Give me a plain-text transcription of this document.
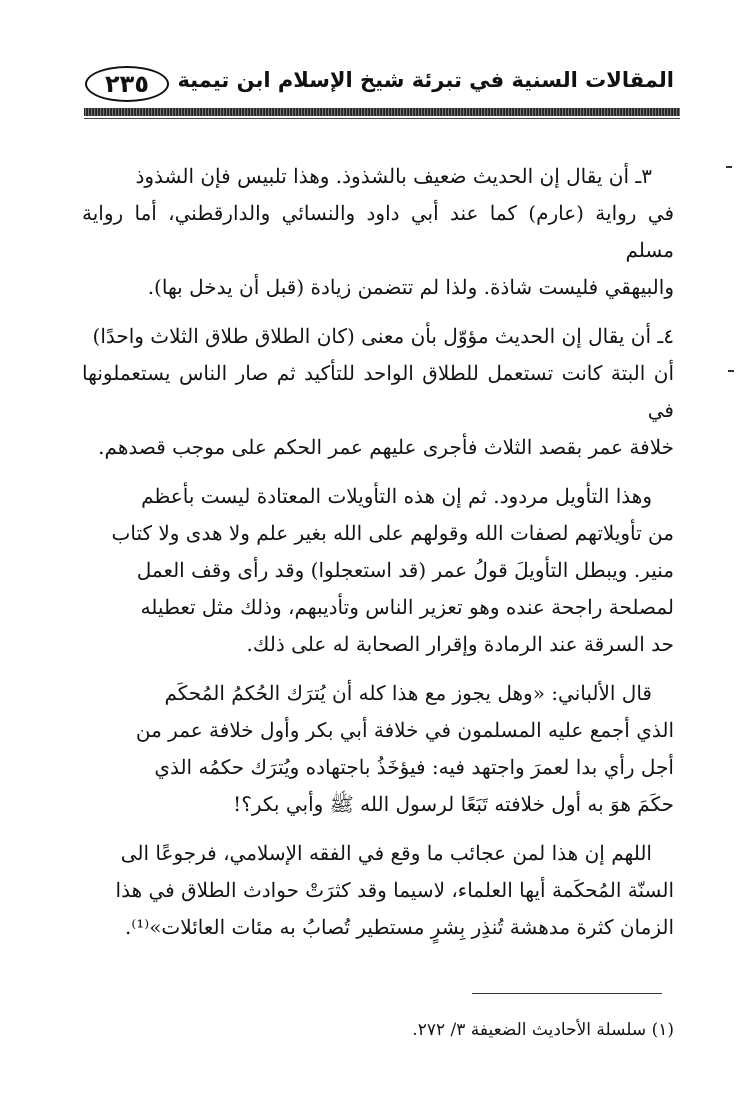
المقالات السنية في تبرئة شيخ الإسلام ابن تيمية
٢٣٥

٣ـ أن يقال إن الحديث ضعيف بالشذوذ. وهذا تلبيس فإن الشذوذ

في رواية (عارم) كما عند أبي داود والنسائي والدارقطني، أما رواية مسلم

والبيهقي فليست شاذة. ولذا لم تتضمن زيادة (قبل أن يدخل بها).

٤ـ أن يقال إن الحديث مؤوّل بأن معنى (كان الطلاق طلاق الثلاث واحدًا)

أن البتة كانت تستعمل للطلاق الواحد للتأكيد ثم صار الناس يستعملونها في

خلافة عمر بقصد الثلاث فأجرى عليهم عمر الحكم على موجب قصدهم.

وهذا التأويل مردود. ثم إن هذه التأويلات المعتادة ليست بأعظم

من تأويلاتهم لصفات الله وقولهم على الله بغير علم ولا هدى ولا كتاب

منير. ويبطل التأويلَ قولُ عمر (قد استعجلوا) وقد رأى وقف العمل

لمصلحة راجحة عنده وهو تعزير الناس وتأديبهم، وذلك مثل تعطيله

حد السرقة عند الرمادة وإقرار الصحابة له على ذلك.

قال الألباني: «وهل يجوز مع هذا كله أن يُترَك الحُكمُ المُحكَم

الذي أجمع عليه المسلمون في خلافة أبي بكر وأول خلافة عمر من

أجل رأي بدا لعمرَ واجتهد فيه: فيؤخَذُ باجتهاده ويُترَك حكمُه الذي

حكَمَ هوَ به أول خلافته تَبَعًا لرسول الله ﷺ وأبي بكر؟!

اللهم إن هذا لمن عجائب ما وقع في الفقه الإسلامي، فرجوعًا الى

السنّة المُحكَمة أيها العلماء، لاسيما وقد كثرَتْ حوادث الطلاق في هذا

الزمان كثرة مدهشة تُنذِر بِشرٍ مستطير تُصابُ به مئات العائلات»⁽¹⁾.

(١) سلسلة الأحاديث الضعيفة ٣/ ٢٧٢.
